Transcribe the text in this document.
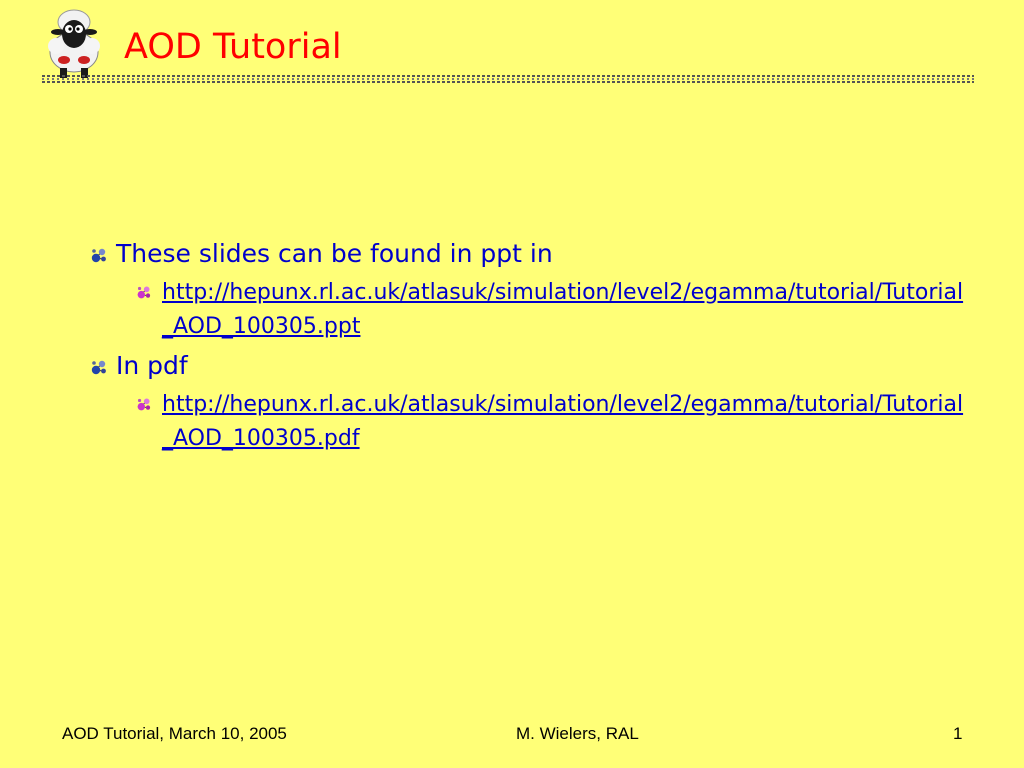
AOD Tutorial
These slides can be found in ppt in
http://hepunx.rl.ac.uk/atlasuk/simulation/level2/egamma/tutorial/Tutorial_AOD_100305.ppt
In pdf
http://hepunx.rl.ac.uk/atlasuk/simulation/level2/egamma/tutorial/Tutorial_AOD_100305.pdf
AOD Tutorial, March 10, 2005	M. Wielers, RAL	1
